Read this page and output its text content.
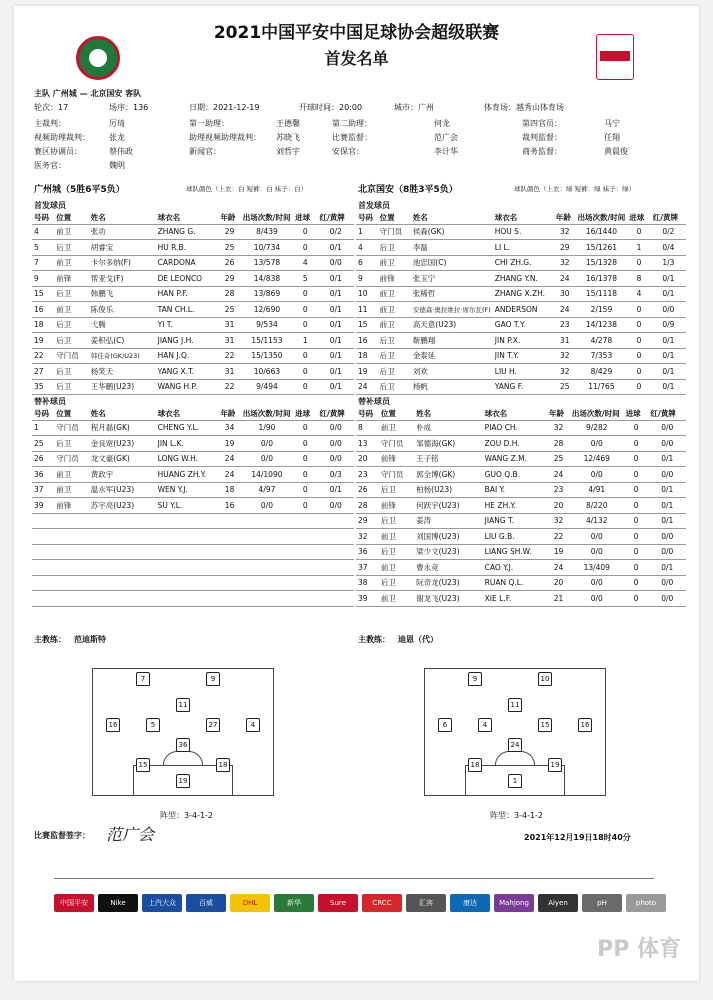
2021中国平安中国足球协会超级联赛
首发名单
主队 广州城 — 北京国安 客队
轮次：17	场序：136	日期：2021-12-19	开球时间：20:00	城市：广州	体育场：越秀山体育场
主裁判：	厉琦	第一助理：	王德馨	第二助理：	何龙	第四官员：	马宁
视频助理裁判： 张龙	助理视频助理裁判： 苏晓飞	比赛监督：	范广会	裁判监督：	任翔
赛区协调员：	蔡伟政	新闻官：	刘哲宇	安保官：	李计华	商务监督：	黄晨俊
医务官：	魏明
广州城（5胜6平5负）	球队颜色（上衣：白 短裤：白 袜子：白）	北京国安（8胜3平5负）	球队颜色（上衣：绿 短裤：绿 袜子：绿）
首发球员	首发球员
号码	位置	姓名	球衣名	年龄	出场次数/时间	进球	红/黄牌
4	前卫	张功	ZHANG G.	29	8/439	0	0/2
5	后卫	胡睿宝	HU R.B.	25	10/734	0	0/1
7	前卫	卡尔多纳(F)	CARDONA	26	13/578	4	0/0
9	前锋	帮亚戈(F)	DE LEONCO	29	14/838	5	0/1
15	后卫	韩鹏飞	HAN P.F.	28	13/869	0	0/1
16	前卫	陈俊乐	TAN CH.L.	25	12/690	0	0/1
18	后卫	弋腾	YI T.	31	9/534	0	0/1
19	后卫	姜积弘(C)	JIANG J.H.	31	15/1153	1	0/1
22	守门员	韩佳奇(GK/U23)	HAN J.Q.	22	15/1350	0	0/1
27	后卫	杨笑天	YANG X.T.	31	10/663	0	0/1
35	后卫	王华鹏(U23)	WANG H.P.	22	9/494	0	0/1
号码	位置	姓名	球衣名	年龄	出场次数/时间	进球	红/黄牌
1	守门员	侯森(GK)	HOU S.	32	16/1440	0	0/2
4	后卫	李磊	LI L.	29	15/1261	1	0/4
6	前卫	池忠国(C)	CHI ZH.G.	32	15/1328	0	1/3
9	前锋	张玉宁	ZHANG Y.N.	24	16/1378	8	0/1
10	前卫	张稀哲	ZHANG X.ZH.	30	15/1118	4	0/1
11	前卫	安德森·奥拉维拉·席尔瓦(F)	ANDERSON	24	2/159	0	0/0
15	前卫	高天意(U23)	GAO T.Y.	23	14/1238	0	0/9
16	后卫	靳鹏翔	JIN P.X.	31	4/278	0	0/1
18	后卫	金泰延	JIN T.Y.	32	7/353	0	0/1
19	后卫	刘欢	LIU H.	32	8/429	0	0/1
24	后卫	杨帆	YANG F.	25	11/765	0	0/1
替补球员	替补球员
号码	位置	姓名	球衣名	年龄	出场次数/时间	进球	红/黄牌
1	守门员	程月磊(GK)	CHENG Y.L.	34	1/90	0	0/0
25	后卫	金良宽(U23)	JIN L.K.	19	0/0	0	0/0
26	守门员	龙文豪(GK)	LONG W.H.	24	0/0	0	0/0
36	前卫	黄政宇	HUANG ZH.Y.	24	14/1090	0	0/3
37	前卫	温永军(U23)	WEN Y.J.	18	4/97	0	0/1
39	前锋	苏宇亮(U23)	SU Y.L.	16	0/0	0	0/0

号码	位置	姓名	球衣名	年龄	出场次数/时间	进球	红/黄牌
8	前卫	朴成	PIAO CH.	32	9/282	0	0/0
13	守门员	邹德海(GK)	ZOU D.H.	28	0/0	0	0/0
20	前锋	王子铭	WANG Z.M.	25	12/469	0	0/1
23	守门员	郭全博(GK)	GUO Q.B.	24	0/0	0	0/0
26	后卫	柏杨(U23)	BAI Y.	23	4/91	0	0/1
28	前锋	何跃宇(U23)	HE ZH.Y.	20	8/220	0	0/1
29	后卫	姜涛	JIANG T.	32	4/132	0	0/1
32	前卫	刘国博(U23)	LIU G.B.	22	0/0	0	0/0
36	后卫	梁少文(U23)	LIANG SH.W.	19	0/0	0	0/0
37	前卫	曹永竞	CAO Y.J.	24	13/409	0	0/1
38	后卫	阮奇龙(U23)	RUAN Q.L.	20	0/0	0	0/0
39	前卫	谢龙飞(U23)	XIE L.F.	21	0/0	0	0/0
主教练： 范迪斯特	主教练： 迪恩（代）
7	9
11
16	5	27	4
36
15	18
19
9	10
11
6	4	15	16
24
18	19
1
阵型：3-4-1-2	阵型：3-4-1-2
比赛监督签字： 范广会	2021年12月19日18时40分
中国平安	Nike	上汽大众	百威	DHL	新华	Sure	CRCC	汇宾	康达	Mahjong	Aiyen	pH	photo
PP 体育
